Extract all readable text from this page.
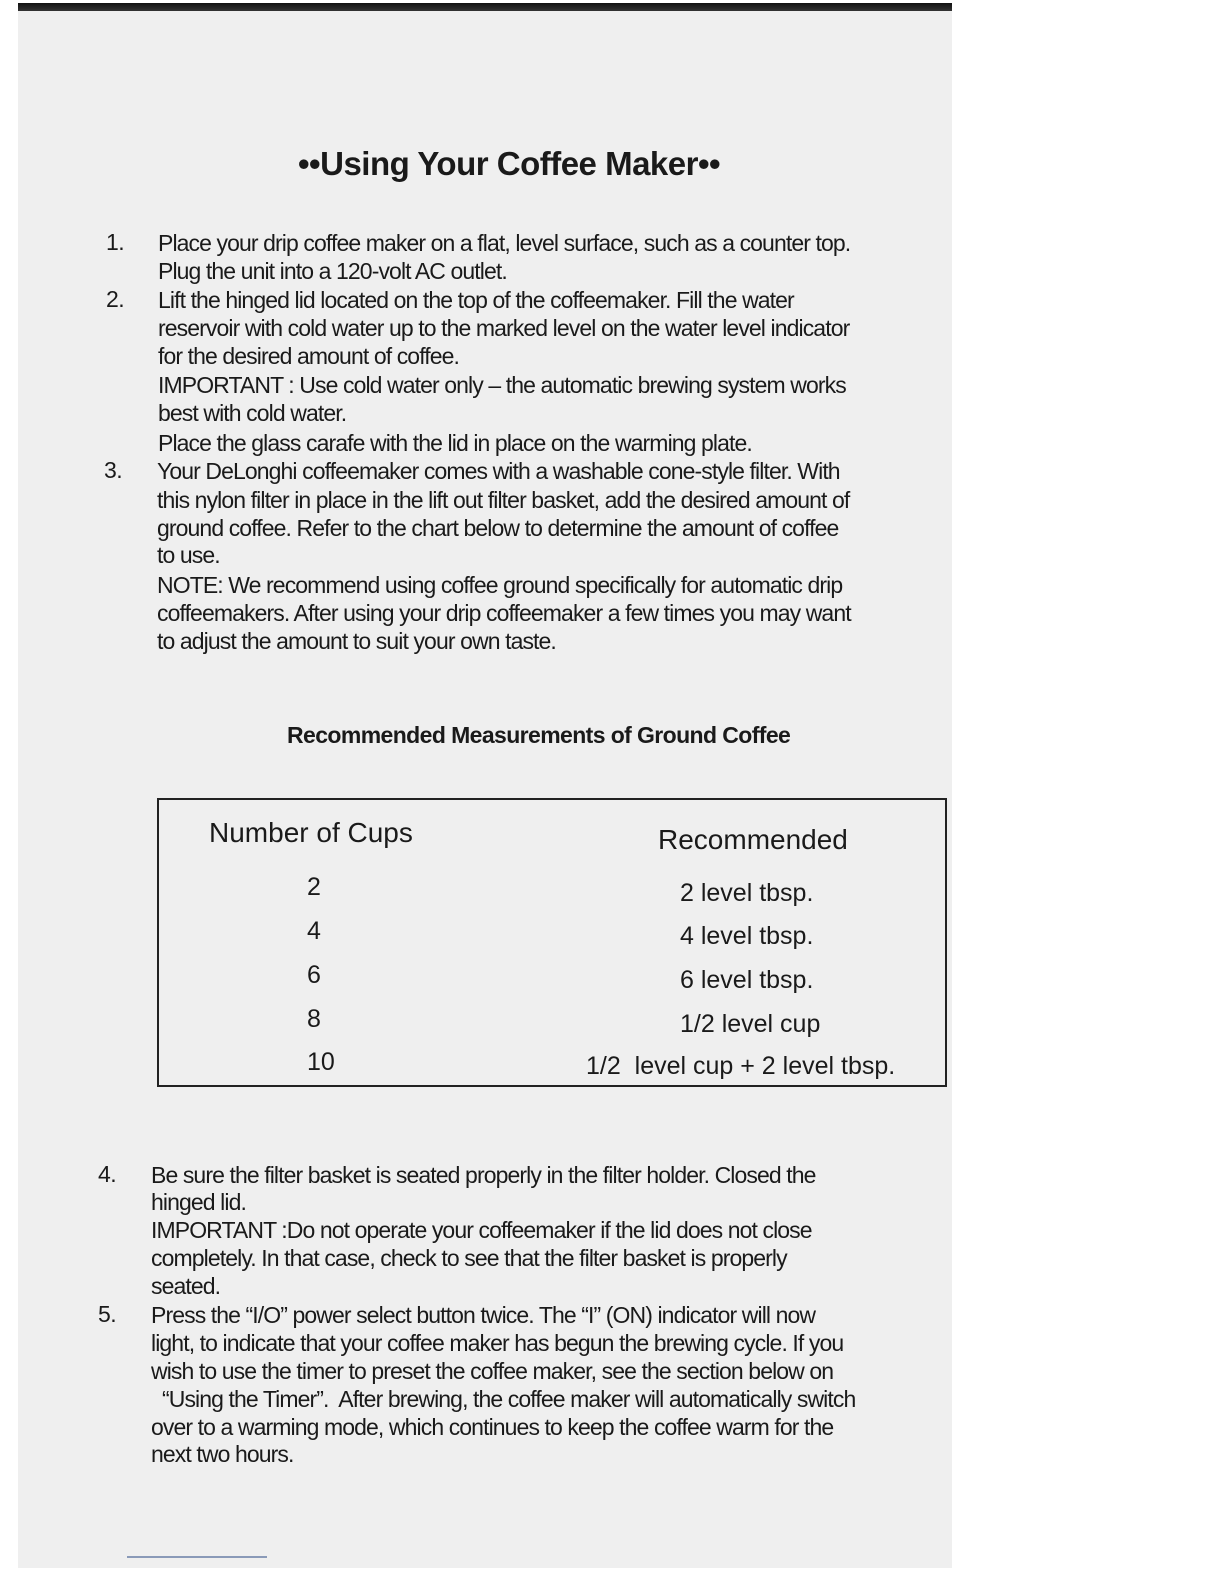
••Using Your Coffee Maker••
1. Place your drip coffee maker on a flat, level surface, such as a counter top.
Plug the unit into a 120-volt AC outlet.
2. Lift the hinged lid located on the top of the coffeemaker. Fill the water
reservoir with cold water up to the marked level on the water level indicator
for the desired amount of coffee.
IMPORTANT : Use cold water only – the automatic brewing system works
best with cold water.
Place the glass carafe with the lid in place on the warming plate.
3. Your DeLonghi coffeemaker comes with a washable cone-style filter. With
this nylon filter in place in the lift out filter basket, add the desired amount of
ground coffee. Refer to the chart below to determine the amount of coffee
to use.
NOTE: We recommend using coffee ground specifically for automatic drip
coffeemakers. After using your drip coffeemaker a few times you may want
to adjust the amount to suit your own taste.
Recommended Measurements of Ground Coffee
Number of Cups	Recommended
2	2 level tbsp.
4	4 level tbsp.
6	6 level tbsp.
8	1/2 level cup
10	1/2  level cup + 2 level tbsp.
4. Be sure the filter basket is seated properly in the filter holder. Closed the
hinged lid.
IMPORTANT :Do not operate your coffeemaker if the lid does not close
completely. In that case, check to see that the filter basket is properly
seated.
5. Press the “I/O” power select button twice. The “I” (ON) indicator will now
light, to indicate that your coffee maker has begun the brewing cycle. If you
wish to use the timer to preset the coffee maker, see the section below on
“Using the Timer”.  After brewing, the coffee maker will automatically switch
over to a warming mode, which continues to keep the coffee warm for the
next two hours.
